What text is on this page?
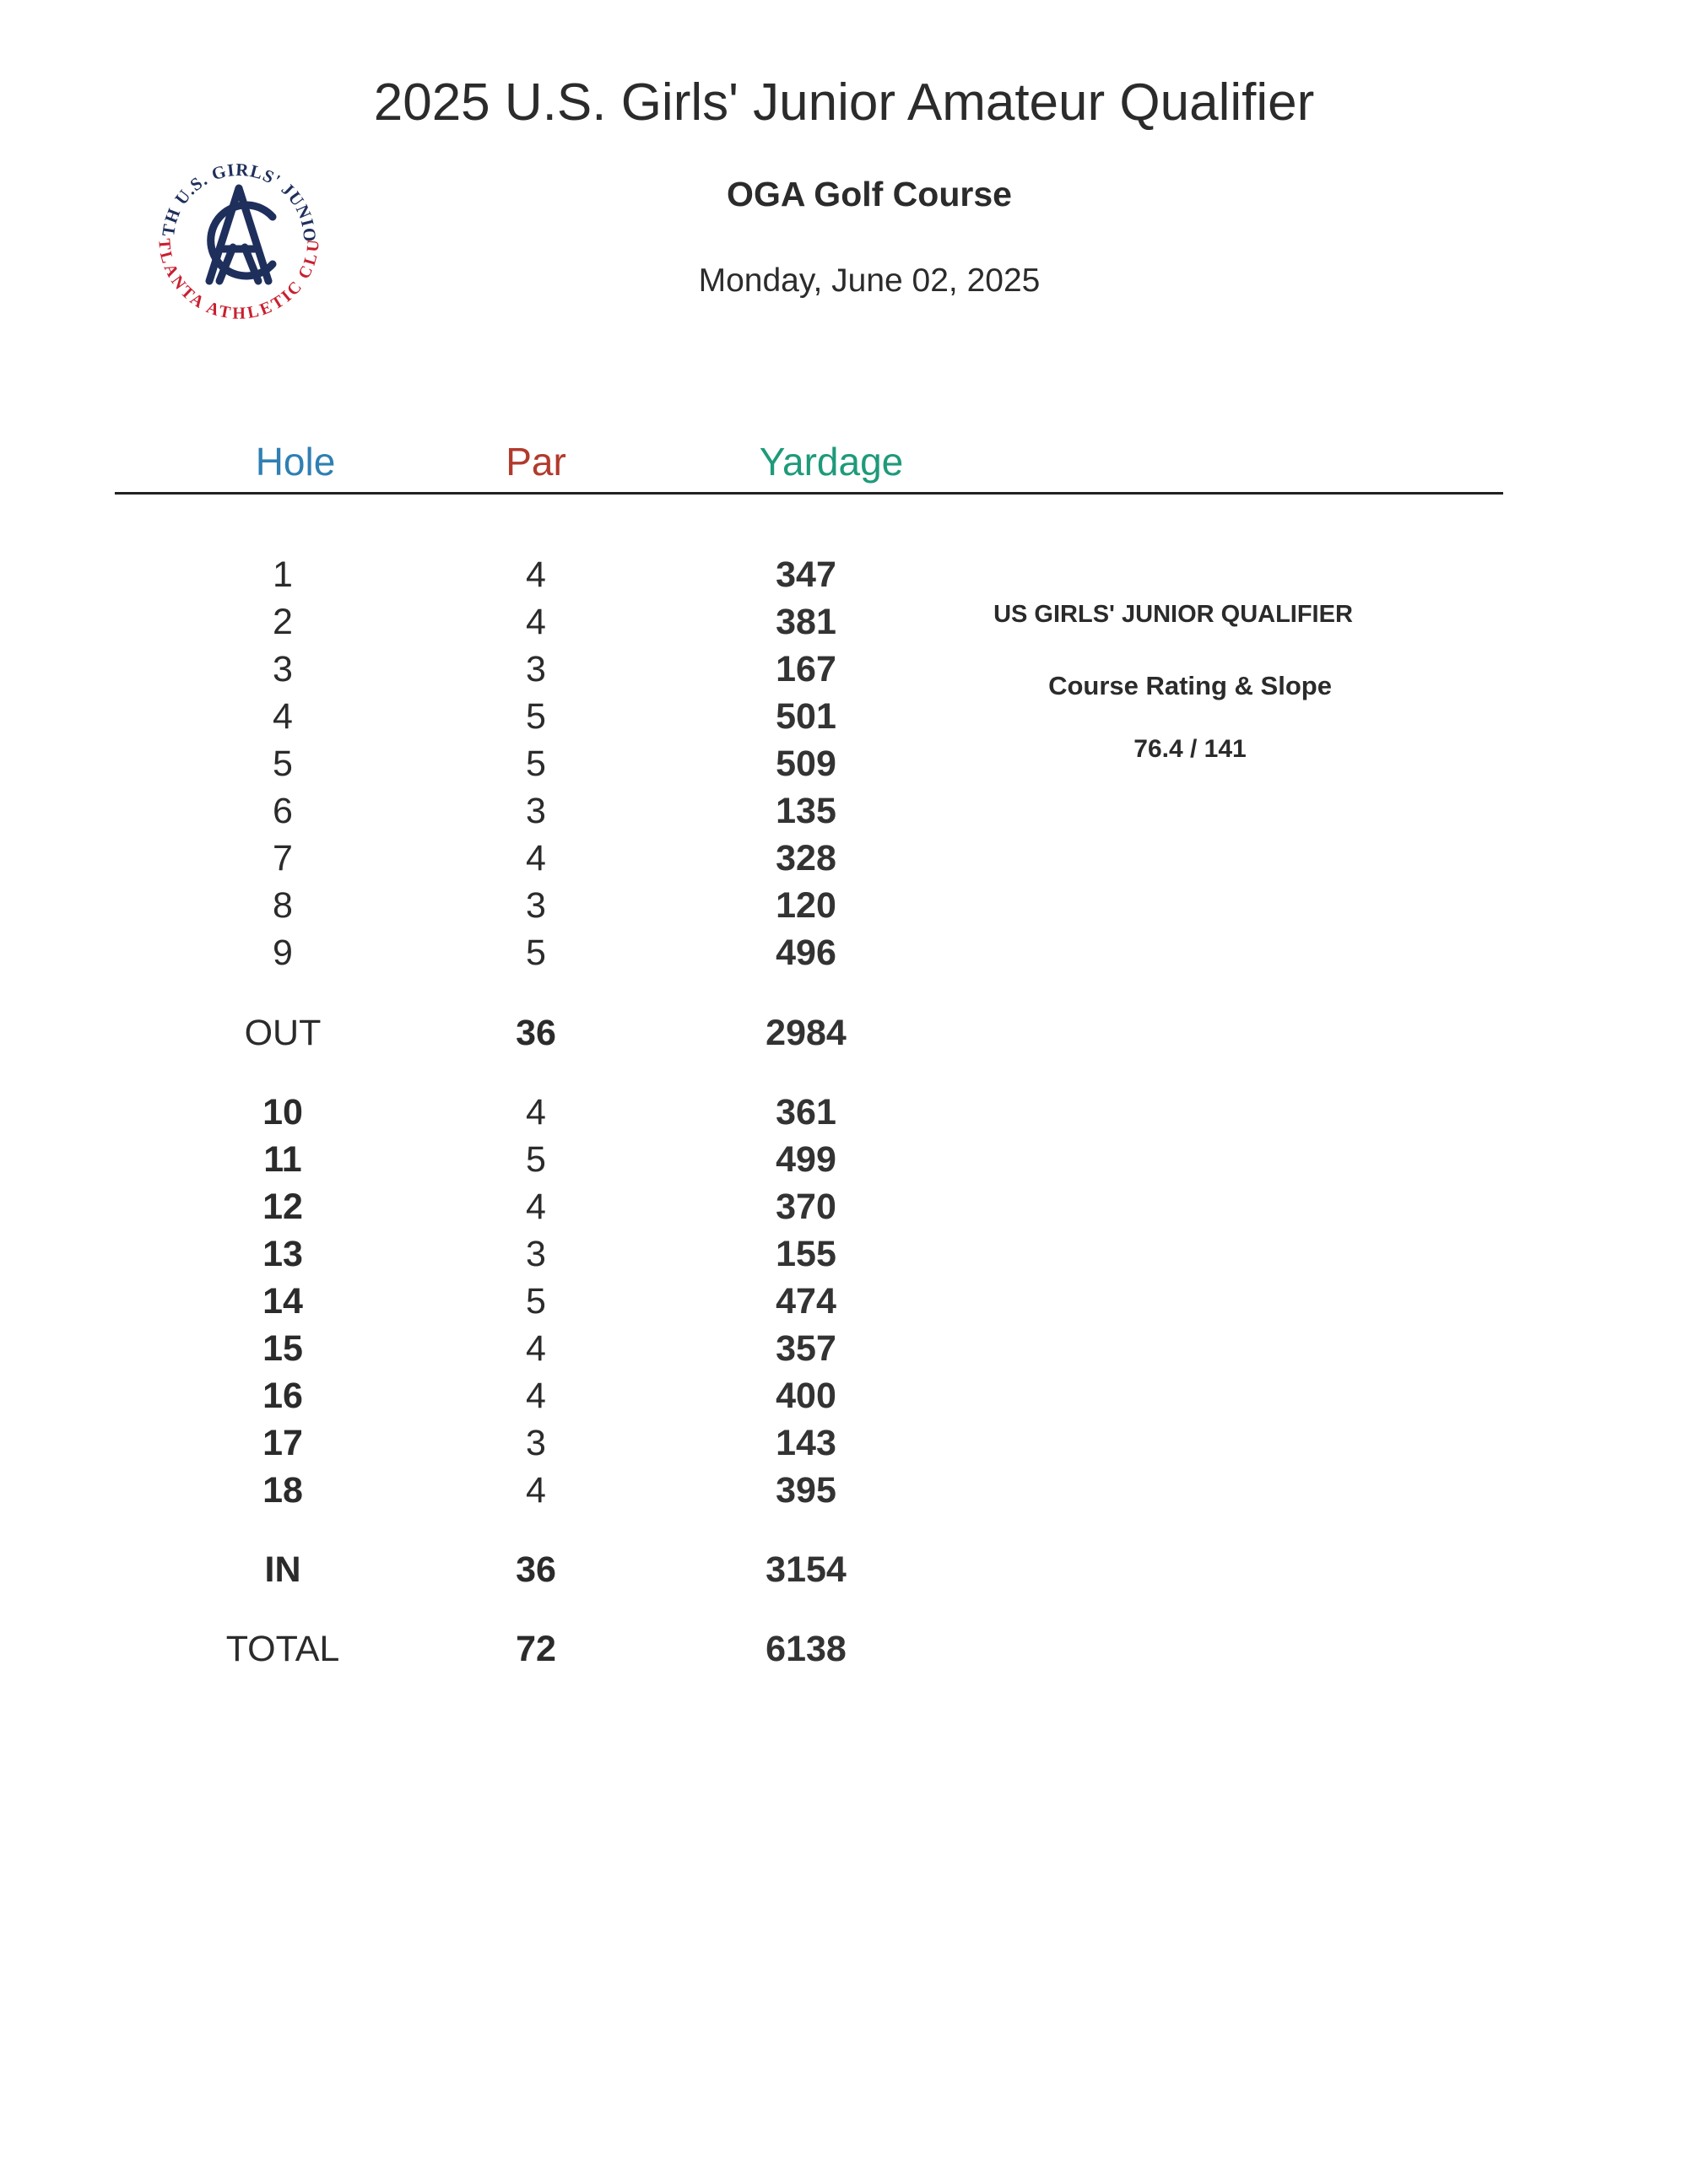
2025 U.S. Girls' Junior Amateur Qualifier
TH U.S. GIRLS' JUNIO
TLANTA ATHLETIC CLU
OGA Golf Course
Monday, June 02, 2025
Hole	Par	Yardage
1	4	347
2	4	381
3	3	167
4	5	501
5	5	509
6	3	135
7	4	328
8	3	120
9	5	496
OUT	36	2984
10	4	361
11	5	499
12	4	370
13	3	155
14	5	474
15	4	357
16	4	400
17	3	143
18	4	395
IN	36	3154
TOTAL	72	6138
US GIRLS' JUNIOR QUALIFIER
Course Rating & Slope
76.4 / 141
